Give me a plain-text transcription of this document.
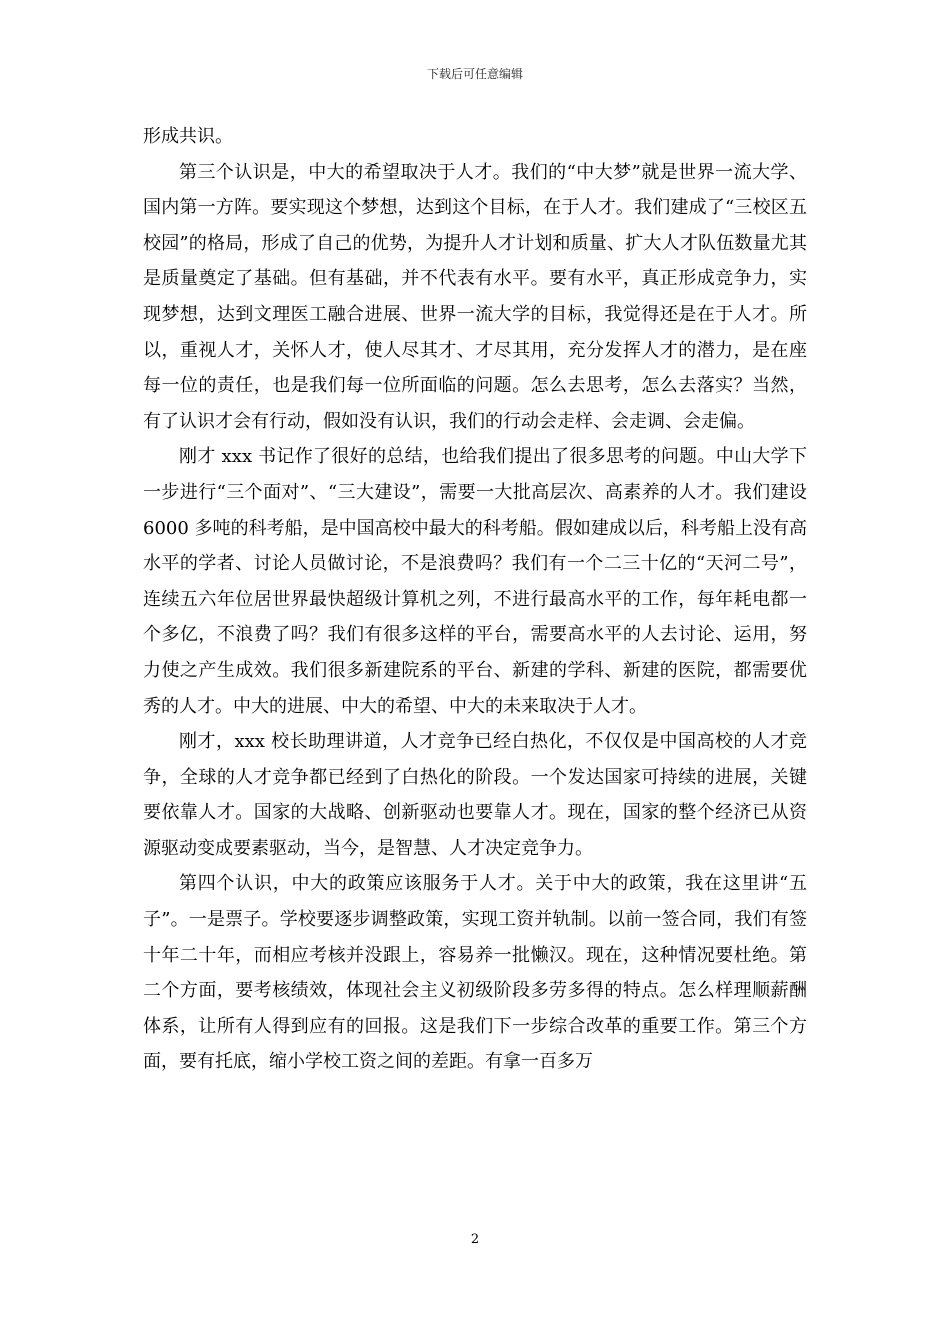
下载后可任意编辑

形成共识。

第三个认识是，中大的希望取决于人才。我们的“中大梦”就是世界一流大学、国内第一方阵。要实现这个梦想，达到这个目标，在于人才。我们建成了“三校区五校园”的格局，形成了自己的优势，为提升人才计划和质量、扩大人才队伍数量尤其是质量奠定了基础。但有基础，并不代表有水平。要有水平，真正形成竞争力，实现梦想，达到文理医工融合进展、世界一流大学的目标，我觉得还是在于人才。所以，重视人才，关怀人才，使人尽其才、才尽其用，充分发挥人才的潜力，是在座每一位的责任，也是我们每一位所面临的问题。怎么去思考，怎么去落实？当然，有了认识才会有行动，假如没有认识，我们的行动会走样、会走调、会走偏。

刚才 xxx 书记作了很好的总结，也给我们提出了很多思考的问题。中山大学下一步进行“三个面对”、“三大建设”，需要一大批高层次、高素养的人才。我们建设 6000 多吨的科考船，是中国高校中最大的科考船。假如建成以后，科考船上没有高水平的学者、讨论人员做讨论，不是浪费吗？我们有一个二三十亿的“天河二号”，连续五六年位居世界最快超级计算机之列，不进行最高水平的工作，每年耗电都一个多亿，不浪费了吗？我们有很多这样的平台，需要高水平的人去讨论、运用，努力使之产生成效。我们很多新建院系的平台、新建的学科、新建的医院，都需要优秀的人才。中大的进展、中大的希望、中大的未来取决于人才。

刚才，xxx 校长助理讲道，人才竞争已经白热化，不仅仅是中国高校的人才竞争，全球的人才竞争都已经到了白热化的阶段。一个发达国家可持续的进展，关键要依靠人才。国家的大战略、创新驱动也要靠人才。现在，国家的整个经济已从资源驱动变成要素驱动，当今，是智慧、人才决定竞争力。

第四个认识，中大的政策应该服务于人才。关于中大的政策，我在这里讲“五子”。一是票子。学校要逐步调整政策，实现工资并轨制。以前一签合同，我们有签十年二十年，而相应考核并没跟上，容易养一批懒汉。现在，这种情况要杜绝。第二个方面，要考核绩效，体现社会主义初级阶段多劳多得的特点。怎么样理顺薪酬体系，让所有人得到应有的回报。这是我们下一步综合改革的重要工作。第三个方面，要有托底，缩小学校工资之间的差距。有拿一百多万

2
